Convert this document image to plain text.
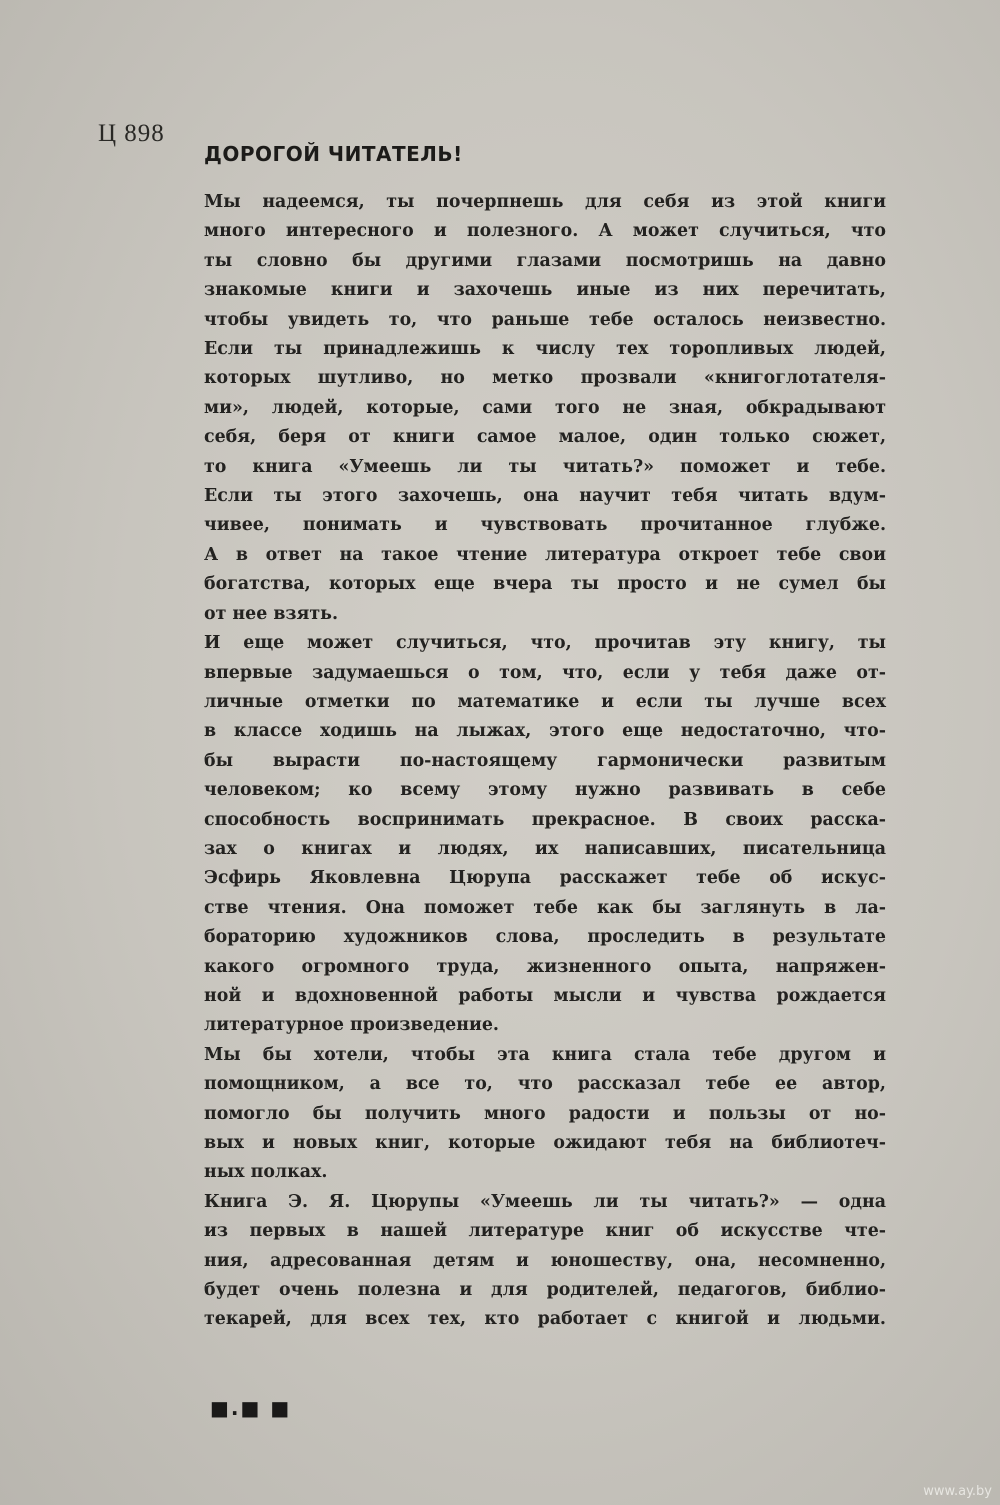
Ц 898
ДОРОГОЙ ЧИТАТЕЛЬ!

Мы надеемся, ты почерпнешь для себя из этой книги
много интересного и полезного. А может случиться, что
ты словно бы другими глазами посмотришь на давно
знакомые книги и захочешь иные из них перечитать,
чтобы увидеть то, что раньше тебе осталось неизвестно.
Если ты принадлежишь к числу тех торопливых людей,
которых шутливо, но метко прозвали «книгоглотателя-
ми», людей, которые, сами того не зная, обкрадывают
себя, беря от книги самое малое, один только сюжет,
то книга «Умеешь ли ты читать?» поможет и тебе.
Если ты этого захочешь, она научит тебя читать вдум-
чивее, понимать и чувствовать прочитанное глубже.
А в ответ на такое чтение литература откроет тебе свои
богатства, которых еще вчера ты просто и не сумел бы
от нее взять.

И еще может случиться, что, прочитав эту книгу, ты
впервые задумаешься о том, что, если у тебя даже от-
личные отметки по математике и если ты лучше всех
в классе ходишь на лыжах, этого еще недостаточно, что-
бы вырасти по-настоящему гармонически развитым
человеком; ко всему этому нужно развивать в себе
способность воспринимать прекрасное. В своих расска-
зах о книгах и людях, их написавших, писательница
Эсфирь Яковлевна Цюрупа расскажет тебе об искус-
стве чтения. Она поможет тебе как бы заглянуть в ла-
бораторию художников слова, проследить в результате
какого огромного труда, жизненного опыта, напряжен-
ной и вдохновенной работы мысли и чувства рождается
литературное произведение.

Мы бы хотели, чтобы эта книга стала тебе другом и
помощником, а все то, что рассказал тебе ее автор,
помогло бы получить много радости и пользы от но-
вых и новых книг, которые ожидают тебя на библиотеч-
ных полках.

Книга Э. Я. Цюрупы «Умеешь ли ты читать?» — одна
из первых в нашей литературе книг об искусстве чте-
ния, адресованная детям и юношеству, она, несомненно,
будет очень полезна и для родителей, педагогов, библио-
текарей, для всех тех, кто работает с книгой и людьми.

■.■ ■
www.ay.by
